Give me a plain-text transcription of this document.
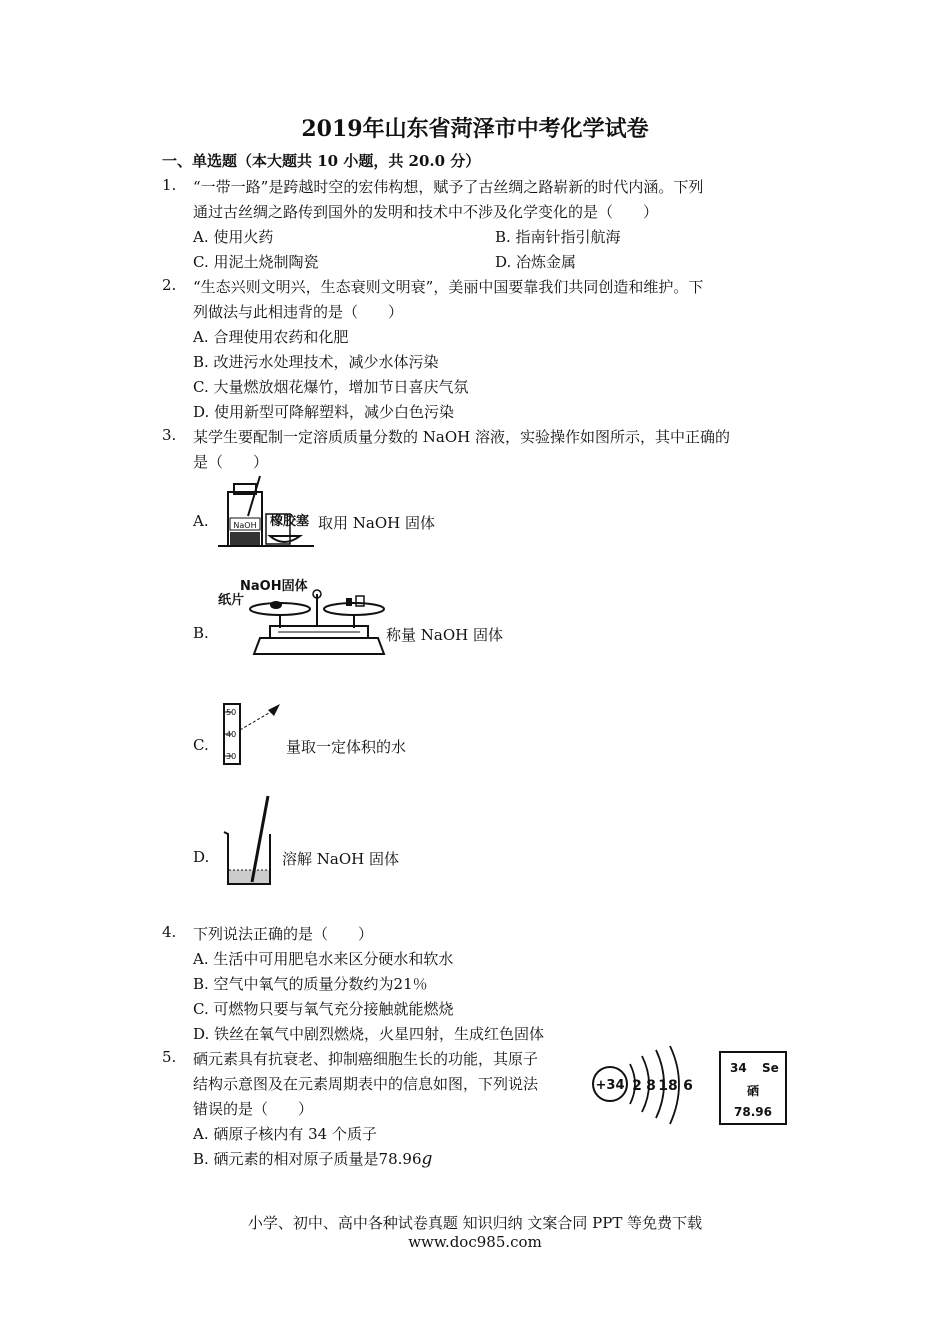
2019年山东省菏泽市中考化学试卷
一、单选题（本大题共 10 小题，共 20.0 分）
1. “一带一路”是跨越时空的宏伟构想，赋予了古丝绸之路崭新的时代内涵。下列
通过古丝绸之路传到国外的发明和技术中不涉及化学变化的是（　　）
A. 使用火药	B. 指南针指引航海
C. 用泥土烧制陶瓷	D. 冶炼金属
2. “生态兴则文明兴，生态衰则文明衰”，美丽中国要靠我们共同创造和维护。下
列做法与此相违背的是（　　）
A. 合理使用农药和化肥
B. 改进污水处理技术，减少水体污染
C. 大量燃放烟花爆竹，增加节日喜庆气氛
D. 使用新型可降解塑料，减少白色污染
3. 某学生要配制一定溶质质量分数的 NaOH 溶液，实验操作如图所示，其中正确的
是（　　）
A.	NaOH 橡胶塞 取用 NaOH 固体
B.
NaOH固体
纸片
称量 NaOH 固体
C.
50
40
30
量取一定体积的水
D.	溶解 NaOH 固体
4. 下列说法正确的是（　　）
A. 生活中可用肥皂水来区分硬水和软水
B. 空气中氧气的质量分数约为21％
C. 可燃物只要与氧气充分接触就能燃烧
D. 铁丝在氧气中剧烈燃烧，火星四射，生成红色固体
5. 硒元素具有抗衰老、抑制癌细胞生长的功能，其原子
结构示意图及在元素周期表中的信息如图，下列说法
错误的是（　　）
A. 硒原子核内有 34 个质子
B. 硒元素的相对原子质量是78.96g
+34 2 8 18 6
34 Se
硒
78.96
小学、初中、高中各种试卷真题 知识归纳 文案合同 PPT 等免费下载
www.doc985.com
